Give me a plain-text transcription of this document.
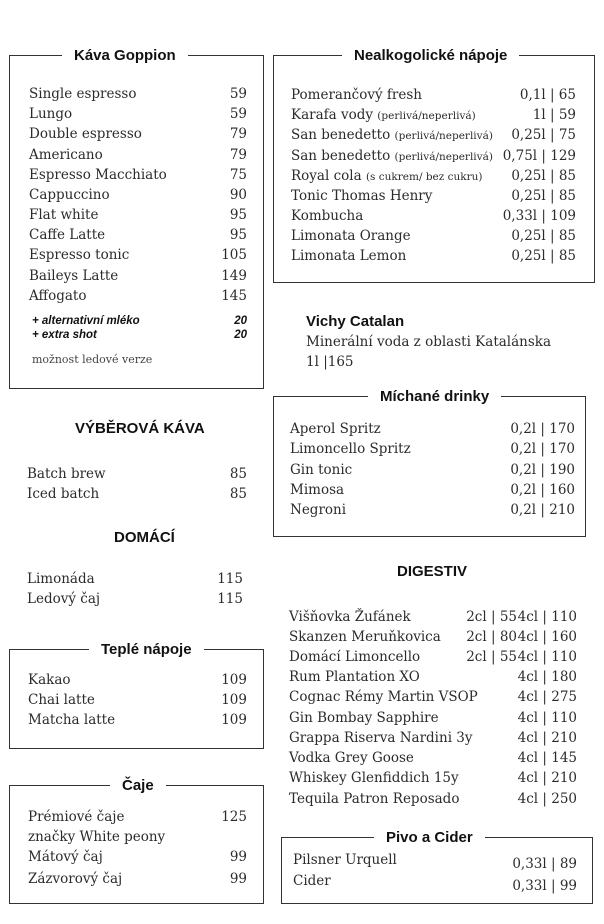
Káva Goppion
Single espresso	59
Lungo	59
Double espresso	79
Americano	79
Espresso Macchiato	75
Cappuccino	90
Flat white	95
Caffe Latte	95
Espresso tonic	105
Baileys Latte	149
Affogato	145
+ alternativní mléko	20
+ extra shot	20
možnost ledové verze
VÝBĚROVÁ KÁVA
Batch brew	85
Iced batch	85
DOMÁCÍ
Limonáda	115
Ledový čaj	115
Teplé nápoje
Kakao	109
Chai latte	109
Matcha latte	109
Čaje
Prémiové čaje	125
značky White peony
Mátový čaj	99
Zázvorový čaj	99
Nealkogolické nápoje
Pomerančový fresh	0,1l | 65
Karafa vody (perlivá/neperlivá)	1l | 59
San benedetto (perlivá/neperlivá) 0,25l | 75
San benedetto (perlivá/neperlivá) 0,75l | 129
Royal cola (s cukrem/ bez cukru) 0,25l | 85
Tonic Thomas Henry	0,25l | 85
Kombucha	0,33l | 109
Limonata Orange	0,25l | 85
Limonata Lemon	0,25l | 85
Vichy Catalan
Minerální voda z oblasti Katalánska
1l |165
Míchané drinky
Aperol Spritz	0,2l | 170
Limoncello Spritz	0,2l | 170
Gin tonic	0,2l | 190
Mimosa	0,2l | 160
Negroni	0,2l | 210
DIGESTIV
Višňovka Žufánek	2cl | 55 4cl | 110
Skanzen Meruňkovica 2cl | 80 4cl | 160
Domácí Limoncello	2cl | 55 4cl | 110
Rum Plantation XO	4cl | 180
Cognac Rémy Martin VSOP	4cl | 275
Gin Bombay Sapphire	4cl | 110
Grappa Riserva Nardini 3y	4cl | 210
Vodka Grey Goose	4cl | 145
Whiskey Glenfiddich 15y	4cl | 210
Tequila Patron Reposado	4cl | 250
Pivo a Cider
Pilsner Urquell	0,33l | 89
Cider	0,33l | 99
